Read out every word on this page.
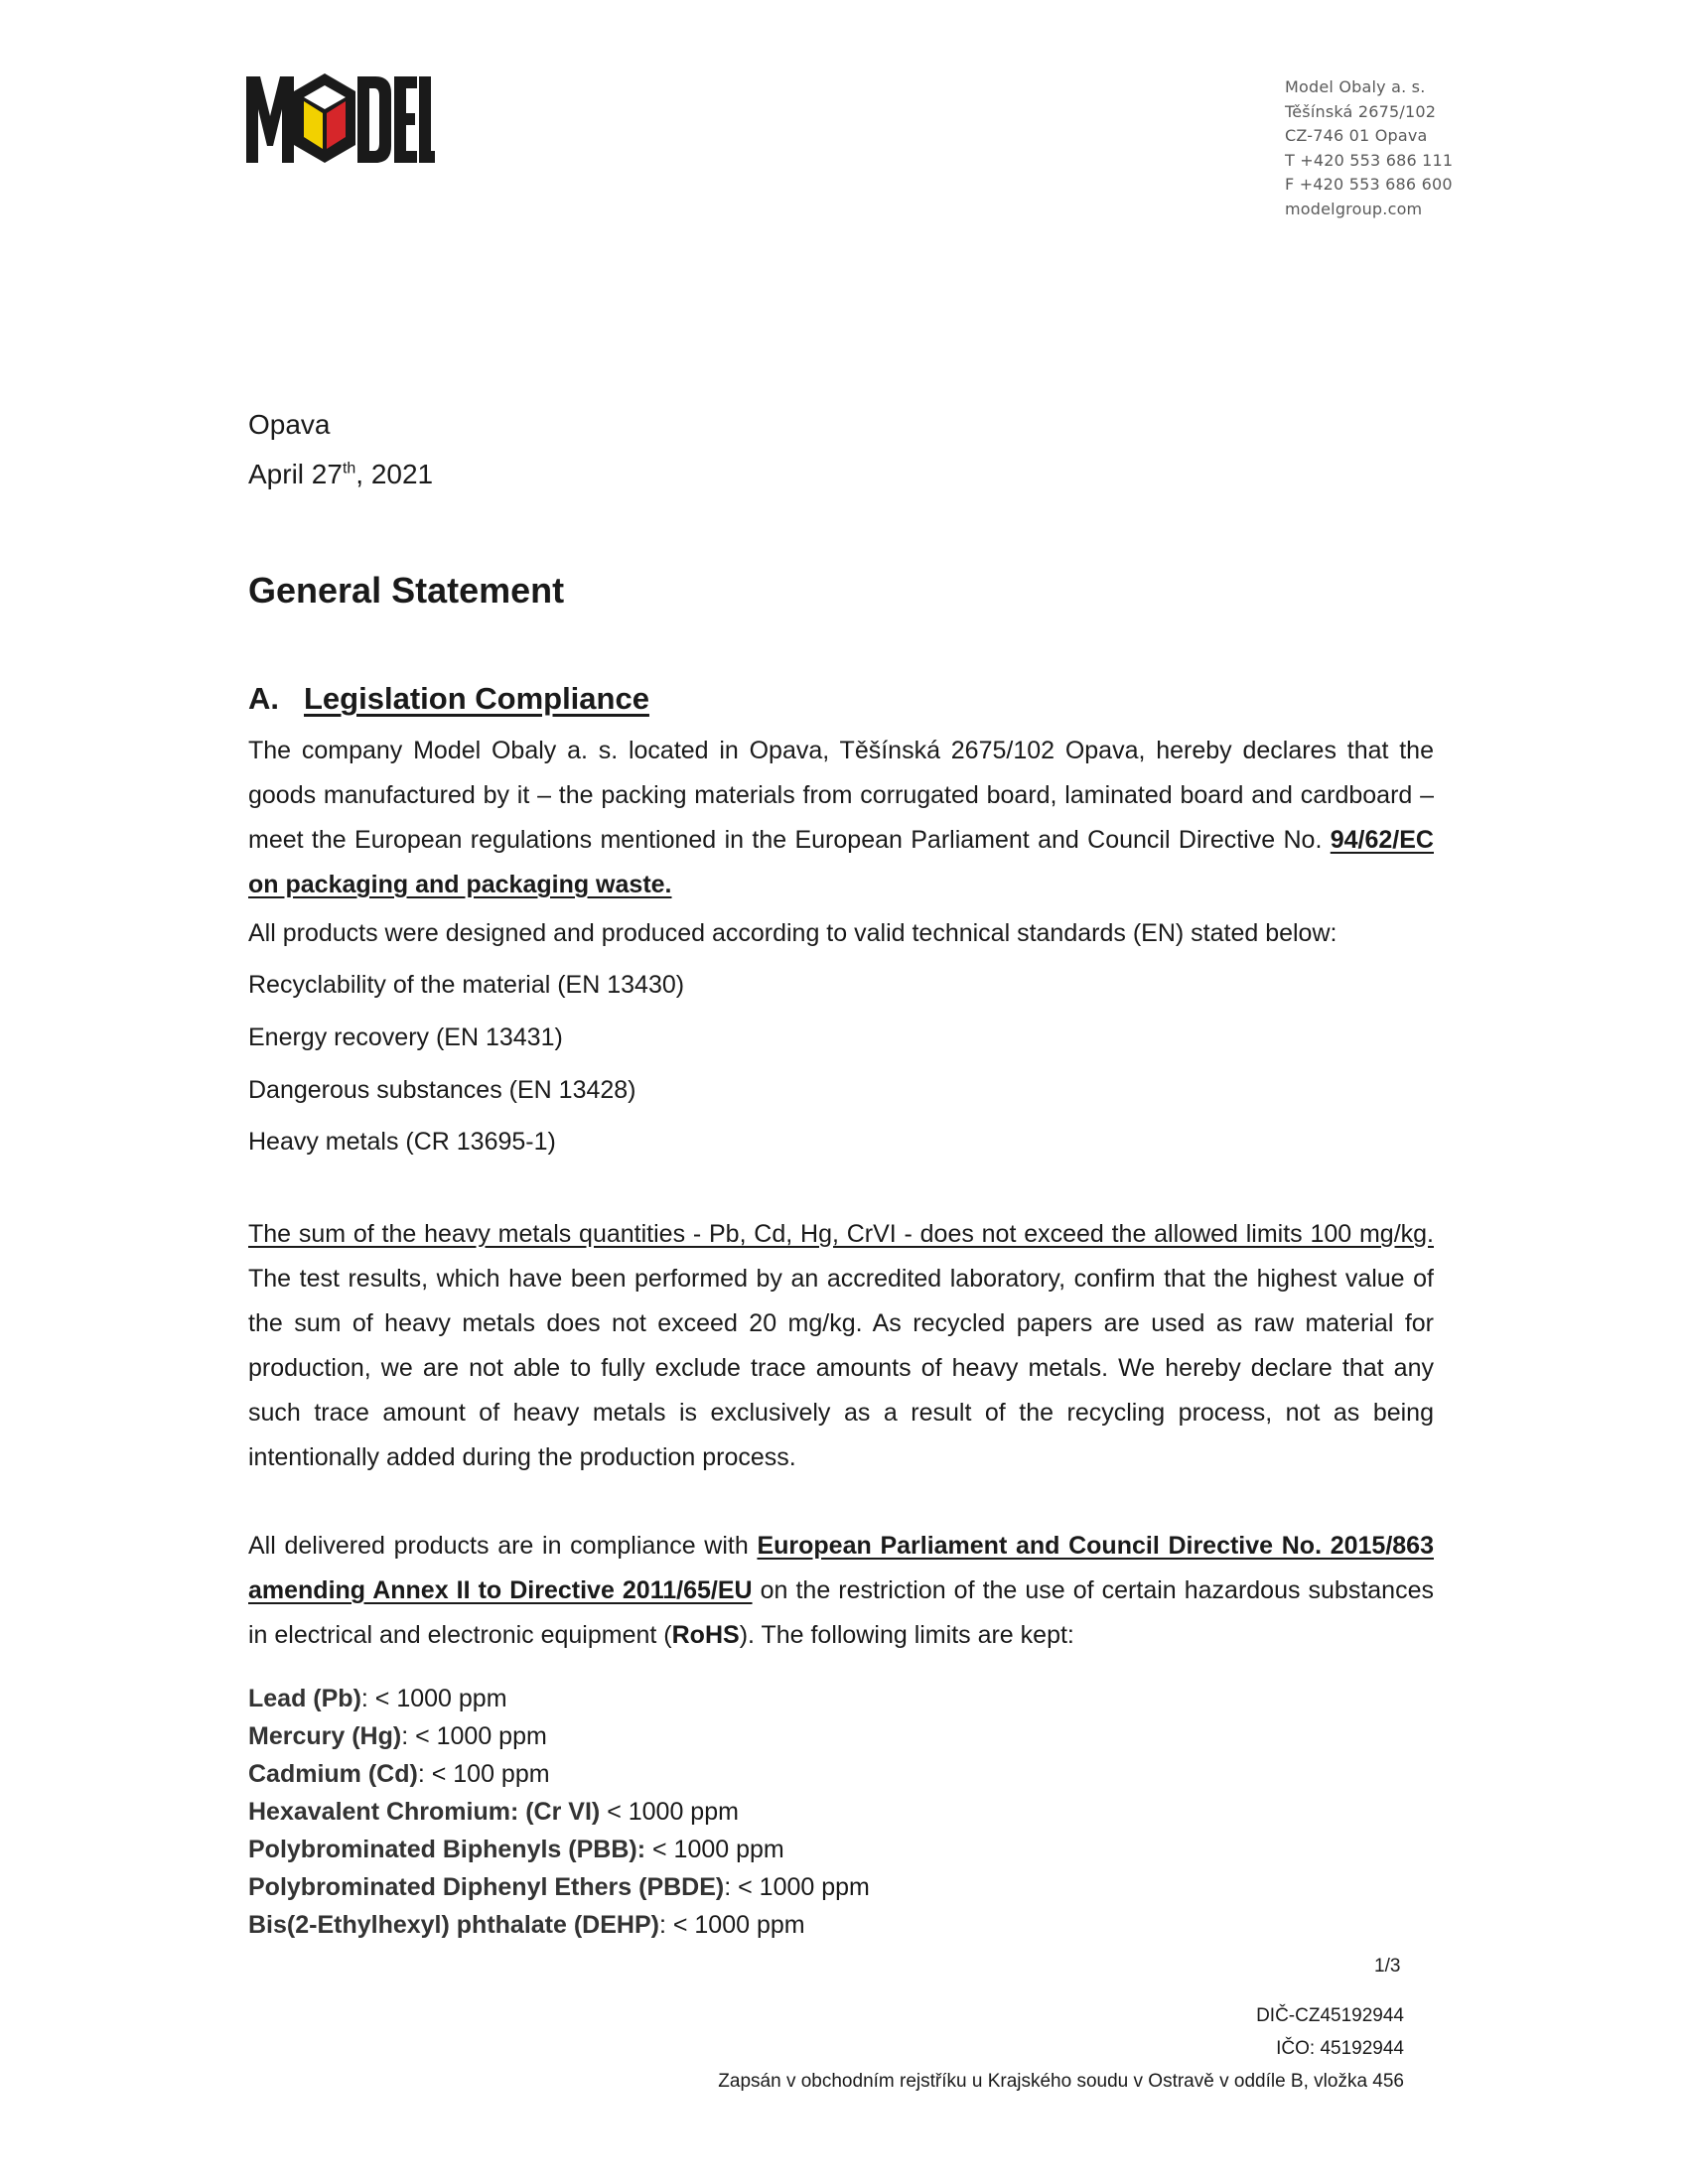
Model Obaly a. s.
Těšínská 2675/102
CZ-746 01 Opava
T +420 553 686 111
F +420 553 686 600
modelgroup.com
Opava
April 27th, 2021
General Statement
A. Legislation Compliance

The company Model Obaly a. s. located in Opava, Těšínská 2675/102 Opava, hereby declares that the goods manufactured by it – the packing materials from corrugated board, laminated board and cardboard – meet the European regulations mentioned in the European Parliament and Council Directive No. 94/62/EC on packaging and packaging waste.

All products were designed and produced according to valid technical standards (EN) stated below:

Recyclability of the material (EN 13430)

Energy recovery (EN 13431)

Dangerous substances (EN 13428)

Heavy metals (CR 13695-1)

The sum of the heavy metals quantities - Pb, Cd, Hg, CrVI - does not exceed the allowed limits 100 mg/kg. The test results, which have been performed by an accredited laboratory, confirm that the highest value of the sum of heavy metals does not exceed 20 mg/kg. As recycled papers are used as raw material for production, we are not able to fully exclude trace amounts of heavy metals. We hereby declare that any such trace amount of heavy metals is exclusively as a result of the recycling process, not as being intentionally added during the production process.

All delivered products are in compliance with European Parliament and Council Directive No. 2015/863 amending Annex II to Directive 2011/65/EU on the restriction of the use of certain hazardous substances in electrical and electronic equipment (RoHS). The following limits are kept:

Lead (Pb): < 1000 ppm
Mercury (Hg): < 1000 ppm
Cadmium (Cd): < 100 ppm
Hexavalent Chromium: (Cr VI) < 1000 ppm
Polybrominated Biphenyls (PBB): < 1000 ppm
Polybrominated Diphenyl Ethers (PBDE): < 1000 ppm
Bis(2-Ethylhexyl) phthalate (DEHP): < 1000 ppm
1/3
DIČ-CZ45192944
IČO: 45192944
Zapsán v obchodním rejstříku u Krajského soudu v Ostravě v oddíle B, vložka 456
